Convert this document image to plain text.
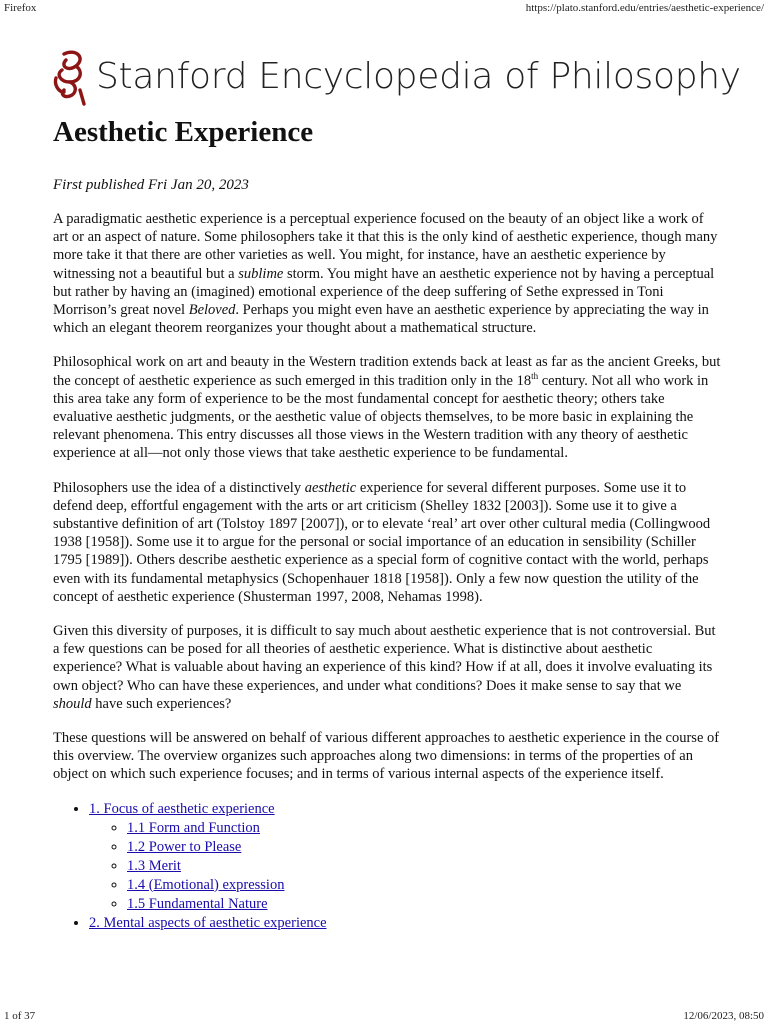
Firefox	https://plato.stanford.edu/entries/aesthetic-experience/
Stanford Encyclopedia of Philosophy
Aesthetic Experience
First published Fri Jan 20, 2023

A paradigmatic aesthetic experience is a perceptual experience focused on the beauty of an object like a work of art or an aspect of nature. Some philosophers take it that this is the only kind of aesthetic experience, though many more take it that there are other varieties as well. You might, for instance, have an aesthetic experience by witnessing not a beautiful but a sublime storm. You might have an aesthetic experience not by having a perceptual but rather by having an (imagined) emotional experience of the deep suffering of Sethe expressed in Toni Morrison’s great novel Beloved. Perhaps you might even have an aesthetic experience by appreciating the way in which an elegant theorem reorganizes your thought about a mathematical structure.

Philosophical work on art and beauty in the Western tradition extends back at least as far as the ancient Greeks, but the concept of aesthetic experience as such emerged in this tradition only in the 18th century. Not all who work in this area take any form of experience to be the most fundamental concept for aesthetic theory; others take evaluative aesthetic judgments, or the aesthetic value of objects themselves, to be more basic in explaining the relevant phenomena. This entry discusses all those views in the Western tradition with any theory of aesthetic experience at all—not only those views that take aesthetic experience to be fundamental.

Philosophers use the idea of a distinctively aesthetic experience for several different purposes. Some use it to defend deep, effortful engagement with the arts or art criticism (Shelley 1832 [2003]). Some use it to give a substantive definition of art (Tolstoy 1897 [2007]), or to elevate ‘real’ art over other cultural media (Collingwood 1938 [1958]). Some use it to argue for the personal or social importance of an education in sensibility (Schiller 1795 [1989]). Others describe aesthetic experience as a special form of cognitive contact with the world, perhaps even with its fundamental metaphysics (Schopenhauer 1818 [1958]). Only a few now question the utility of the concept of aesthetic experience (Shusterman 1997, 2008, Nehamas 1998).

Given this diversity of purposes, it is difficult to say much about aesthetic experience that is not controversial. But a few questions can be posed for all theories of aesthetic experience. What is distinctive about aesthetic experience? What is valuable about having an experience of this kind? How if at all, does it involve evaluating its own object? Who can have these experiences, and under what conditions? Does it make sense to say that we should have such experiences?

These questions will be answered on behalf of various different approaches to aesthetic experience in the course of this overview. The overview organizes such approaches along two dimensions: in terms of the properties of an object on which such experience focuses; and in terms of various internal aspects of the experience itself.

• 1. Focus of aesthetic experience
◦ 1.1 Form and Function
◦ 1.2 Power to Please
◦ 1.3 Merit
◦ 1.4 (Emotional) expression
◦ 1.5 Fundamental Nature
• 2. Mental aspects of aesthetic experience
1 of 37	12/06/2023, 08:50
